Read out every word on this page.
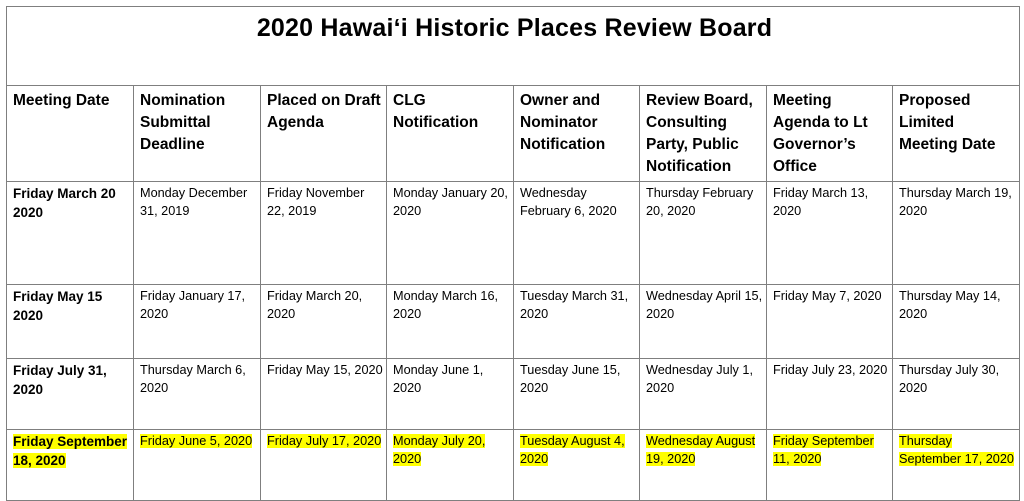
2020 Hawaiʻi Historic Places Review Board							
Meeting Date	Nomination Submittal Deadline	Placed on Draft Agenda	CLG Notification	Owner and Nominator Notification	Review Board, Consulting Party, Public Notification	Meeting Agenda to Lt Governor’s Office	Proposed Limited Meeting Date
Friday March 20 2020	Monday December 31, 2019	Friday November 22, 2019	Monday January 20, 2020	Wednesday February 6, 2020	Thursday February 20, 2020	Friday March 13, 2020	Thursday March 19, 2020
Friday May 15 2020	Friday January 17, 2020	Friday March 20, 2020	Monday March 16, 2020	Tuesday March 31, 2020	Wednesday April 15, 2020	Friday May 7, 2020	Thursday May 14, 2020
Friday July 31, 2020	Thursday March 6, 2020	Friday May 15, 2020	Monday June 1, 2020	Tuesday June 15, 2020	Wednesday July 1, 2020	Friday July 23, 2020	Thursday July 30, 2020
Friday September 18, 2020	Friday June 5, 2020	Friday July 17, 2020	Monday July 20, 2020	Tuesday August 4, 2020	Wednesday August 19, 2020	Friday September 11, 2020	Thursday September 17, 2020
